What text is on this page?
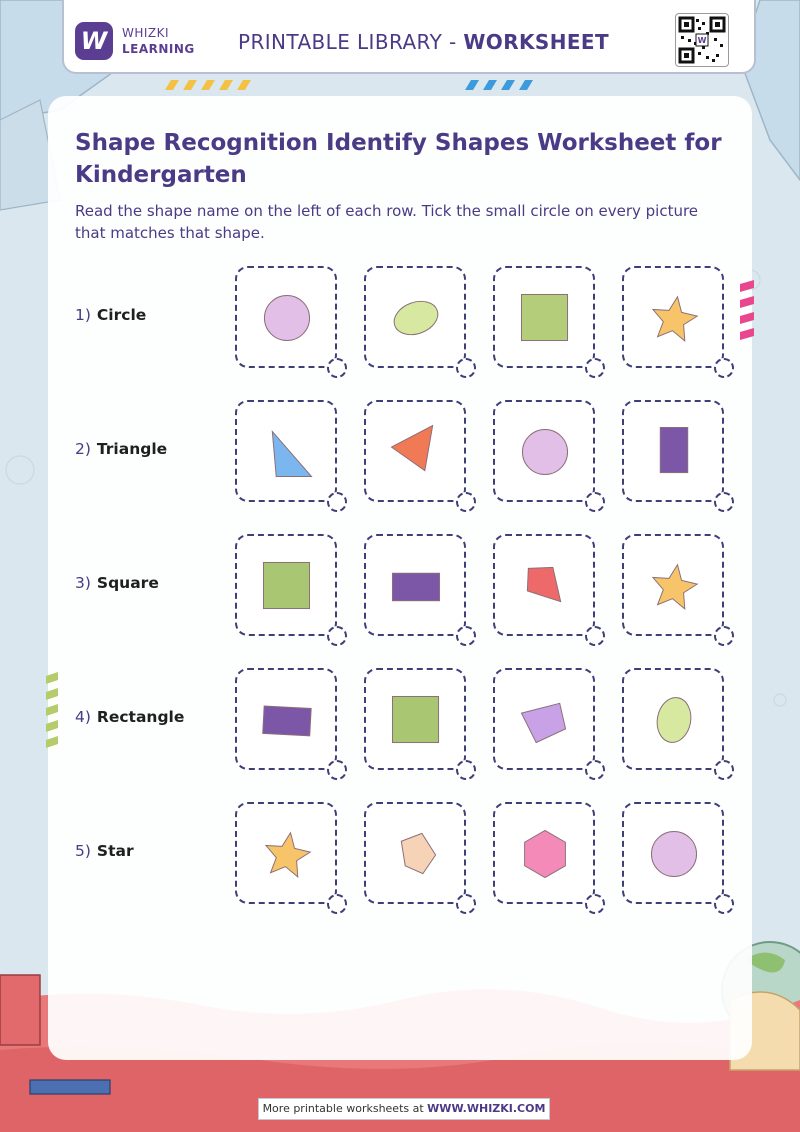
W WHIZKI
LEARNING PRINTABLE LIBRARY - WORKSHEET	W
Shape Recognition Identify Shapes Worksheet for Kindergarten

Read the shape name on the left of each row. Tick the small circle on every picture that matches that shape.

1) Circle
2) Triangle
3) Square
4) Rectangle
5) Star
More printable worksheets at WWW.WHIZKI.COM
